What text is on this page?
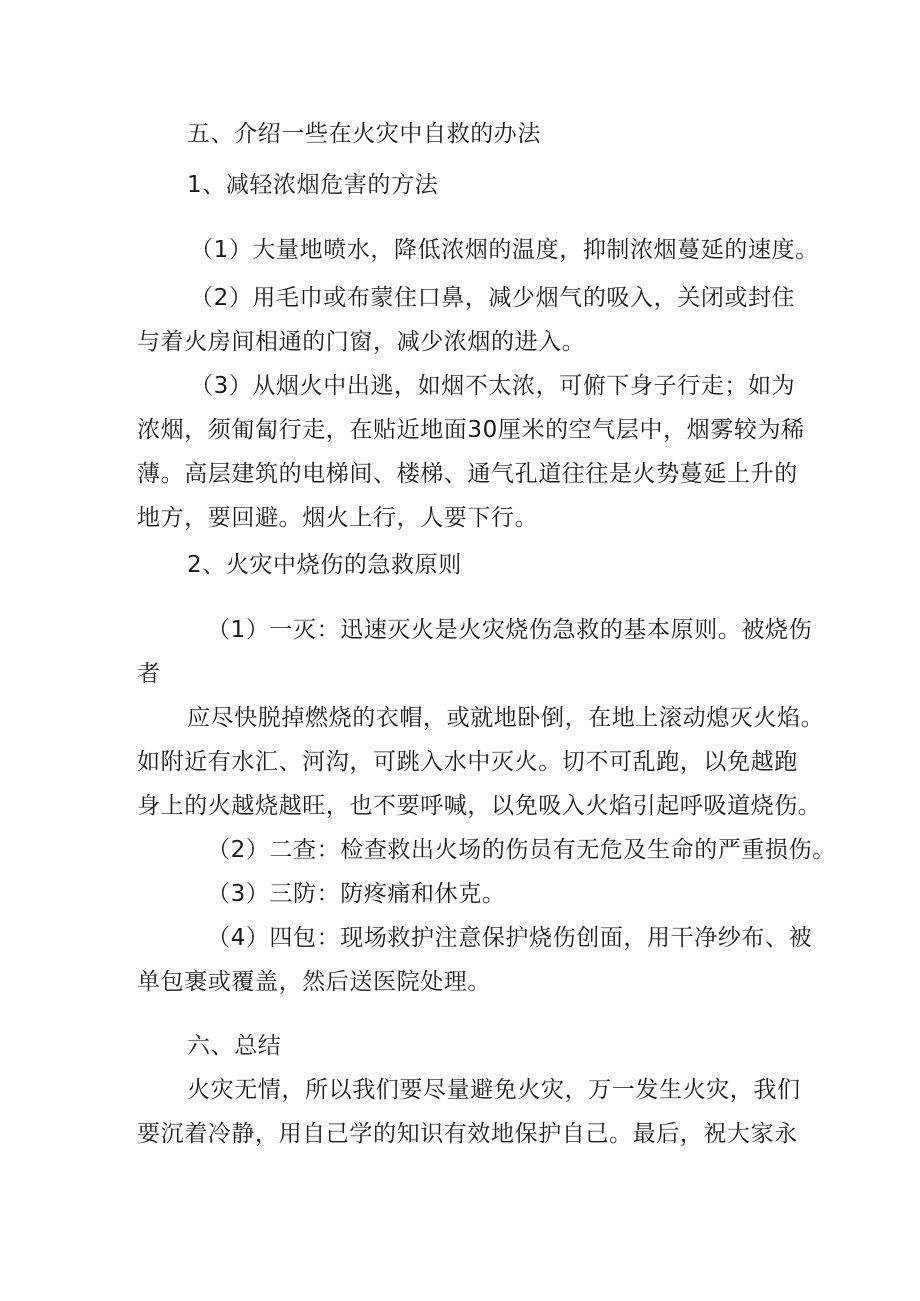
五、介绍一些在火灾中自救的办法
1、减轻浓烟危害的方法
（1）大量地喷水，降低浓烟的温度，抑制浓烟蔓延的速度。
（2）用毛巾或布蒙住口鼻，减少烟气的吸入，关闭或封住
与着火房间相通的门窗，减少浓烟的进入。
（3）从烟火中出逃，如烟不太浓，可俯下身子行走；如为
浓烟，须匍匐行走，在贴近地面30厘米的空气层中，烟雾较为稀
薄。高层建筑的电梯间、楼梯、通气孔道往往是火势蔓延上升的
地方，要回避。烟火上行，人要下行。
2、火灾中烧伤的急救原则
（1）一灭：迅速灭火是火灾烧伤急救的基本原则。被烧伤
者
应尽快脱掉燃烧的衣帽，或就地卧倒，在地上滚动熄灭火焰。
如附近有水汇、河沟，可跳入水中灭火。切不可乱跑，以免越跑
身上的火越烧越旺，也不要呼喊，以免吸入火焰引起呼吸道烧伤。
（2）二查：检查救出火场的伤员有无危及生命的严重损伤。
（3）三防：防疼痛和休克。
（4）四包：现场救护注意保护烧伤创面，用干净纱布、被
单包裹或覆盖，然后送医院处理。
六、总结
火灾无情，所以我们要尽量避免火灾，万一发生火灾，我们
要沉着冷静，用自己学的知识有效地保护自己。最后，祝大家永
